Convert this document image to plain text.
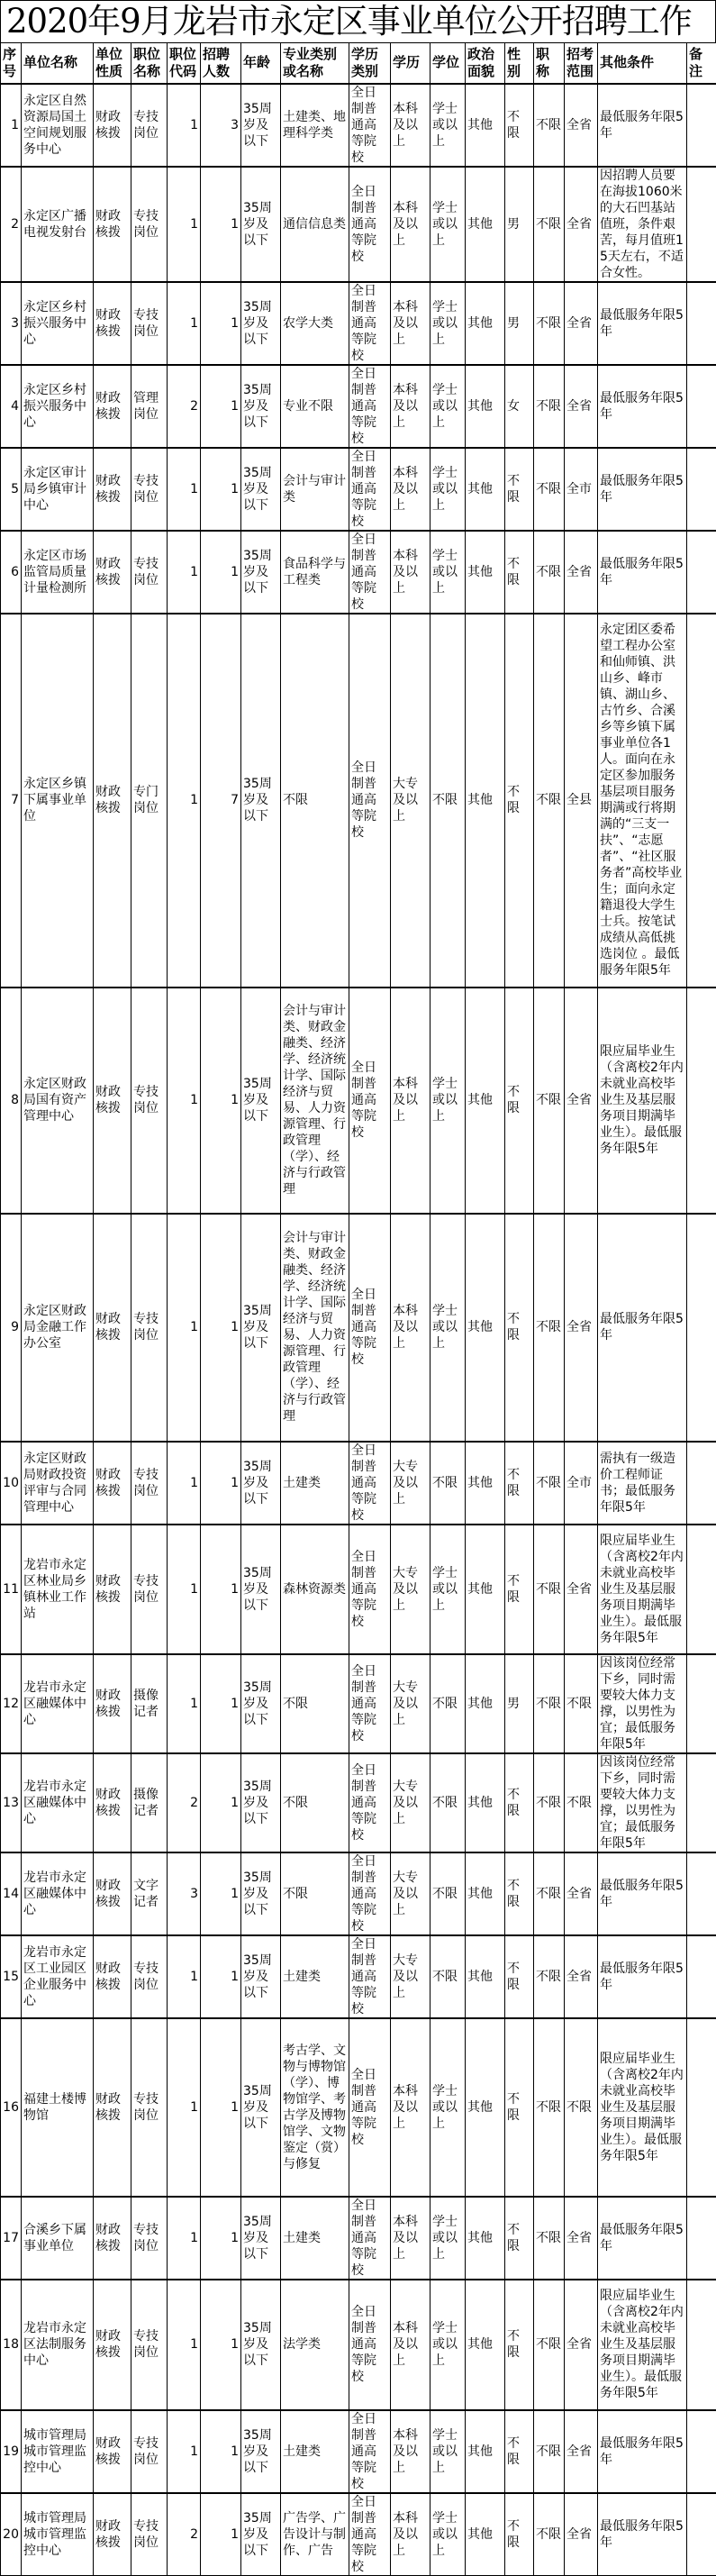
2020年9月龙岩市永定区事业单位公开招聘工作
序号	单位名称	单位性质	职位名称	职位代码	招聘人数	年龄	专业类别或名称	学历类别	学历	学位	政治面貌	性别	职称	招考范围	其他条件	备注
1	永定区自然资源局国土空间规划服务中心	财政核拨	专技岗位	1	3	35周岁及以下	土建类、地理科学类	全日制普通高等院校	本科及以上	学士或以上	其他	不限	不限	全省	最低服务年限5年	
2	永定区广播电视发射台	财政核拨	专技岗位	1	1	35周岁及以下	通信信息类	全日制普通高等院校	本科及以上	学士或以上	其他	男	不限	全省	因招聘人员要在海拔1060米的大石凹基站值班，条件艰苦，每月值班15天左右，不适合女性。	
3	永定区乡村振兴服务中心	财政核拨	专技岗位	1	1	35周岁及以下	农学大类	全日制普通高等院校	本科及以上	学士或以上	其他	男	不限	全省	最低服务年限5年	
4	永定区乡村振兴服务中心	财政核拨	管理岗位	2	1	35周岁及以下	专业不限	全日制普通高等院校	本科及以上	学士或以上	其他	女	不限	全省	最低服务年限5年	
5	永定区审计局乡镇审计中心	财政核拨	专技岗位	1	1	35周岁及以下	会计与审计类	全日制普通高等院校	本科及以上	学士或以上	其他	不限	不限	全市	最低服务年限5年	
6	永定区市场监管局质量计量检测所	财政核拨	专技岗位	1	1	35周岁及以下	食品科学与工程类	全日制普通高等院校	本科及以上	学士或以上	其他	不限	不限	全省	最低服务年限5年	
7	永定区乡镇下属事业单位	财政核拨	专门岗位	1	7	35周岁及以下	不限	全日制普通高等院校	大专及以上	不限	其他	不限	不限	全县	永定团区委希望工程办公室和仙师镇、洪山乡、峰市镇、湖山乡、古竹乡、合溪乡等乡镇下属事业单位各1人。面向在永定区参加服务基层项目服务期满或行将期满的“三支一扶”、“志愿者”、“社区服务者”高校毕业生；面向永定籍退役大学生士兵。按笔试成绩从高低挑选岗位 。最低服务年限5年	
8	永定区财政局国有资产管理中心	财政核拨	专技岗位	1	1	35周岁及以下	会计与审计类、财政金融类、经济学、经济统计学、国际经济与贸易、人力资源管理、行政管理（学）、经济与行政管理	全日制普通高等院校	本科及以上	学士或以上	其他	不限	不限	全省	限应届毕业生（含离校2年内未就业高校毕业生及基层服务项目期满毕业生）。最低服务年限5年	
9	永定区财政局金融工作办公室	财政核拨	专技岗位	1	1	35周岁及以下	会计与审计类、财政金融类、经济学、经济统计学、国际经济与贸易、人力资源管理、行政管理（学）、经济与行政管理	全日制普通高等院校	本科及以上	学士或以上	其他	不限	不限	全省	最低服务年限5年	
10	永定区财政局财政投资评审与合同管理中心	财政核拨	专技岗位	1	1	35周岁及以下	土建类	全日制普通高等院校	大专及以上	不限	其他	不限	不限	全市	需执有一级造价工程师证书；最低服务年限5年	
11	龙岩市永定区林业局乡镇林业工作站	财政核拨	专技岗位	1	1	35周岁及以下	森林资源类	全日制普通高等院校	大专及以上	学士或以上	其他	不限	不限	全省	限应届毕业生（含离校2年内未就业高校毕业生及基层服务项目期满毕业生）。最低服务年限5年	
12	龙岩市永定区融媒体中心	财政核拨	摄像记者	1	1	35周岁及以下	不限	全日制普通高等院校	大专及以上	不限	其他	男	不限	不限	因该岗位经常下乡，同时需要较大体力支撑，以男性为宜；最低服务年限5年	
13	龙岩市永定区融媒体中心	财政核拨	摄像记者	2	1	35周岁及以下	不限	全日制普通高等院校	大专及以上	不限	其他	不限	不限	不限	因该岗位经常下乡，同时需要较大体力支撑，以男性为宜；最低服务年限5年	
14	龙岩市永定区融媒体中心	财政核拨	文字记者	3	1	35周岁及以下	不限	全日制普通高等院校	大专及以上	不限	其他	不限	不限	全省	最低服务年限5年	
15	龙岩市永定区工业园区企业服务中心	财政核拨	专技岗位	1	1	35周岁及以下	土建类	全日制普通高等院校	大专及以上	不限	其他	不限	不限	全省	最低服务年限5年	
16	福建土楼博物馆	财政核拨	专技岗位	1	1	35周岁及以下	考古学、文物与博物馆（学）、博物馆学、考古学及博物馆学、文物鉴定（赏）与修复	全日制普通高等院校	本科及以上	学士或以上	其他	不限	不限	不限	限应届毕业生（含离校2年内未就业高校毕业生及基层服务项目期满毕业生）。最低服务年限5年	
17	合溪乡下属事业单位	财政核拨	专技岗位	1	1	35周岁及以下	土建类	全日制普通高等院校	本科及以上	学士或以上	其他	不限	不限	全省	最低服务年限5年	
18	龙岩市永定区法制服务中心	财政核拨	专技岗位	1	1	35周岁及以下	法学类	全日制普通高等院校	本科及以上	学士或以上	其他	不限	不限	全省	限应届毕业生（含离校2年内未就业高校毕业生及基层服务项目期满毕业生）。最低服务年限5年	
19	城市管理局城市管理监控中心	财政核拨	专技岗位	1	1	35周岁及以下	土建类	全日制普通高等院校	本科及以上	学士或以上	其他	不限	不限	全省	最低服务年限5年	
20	城市管理局城市管理监控中心	财政核拨	专技岗位	2	1	35周岁及以下	广告学、广告设计与制作、广告	全日制普通高等院校	本科及以上	学士或以上	其他	不限	不限	全省	最低服务年限5年	
